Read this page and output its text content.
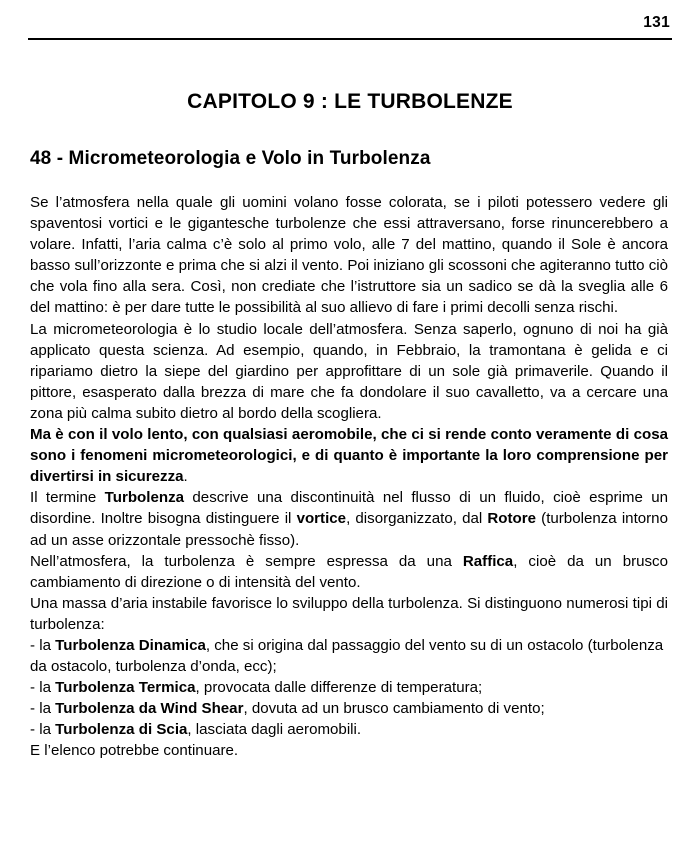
131
CAPITOLO 9 : LE TURBOLENZE
48 - Micrometeorologia e Volo in Turbolenza

Se l’atmosfera nella quale gli uomini volano fosse colorata, se i piloti potessero vedere gli spaventosi vortici e le gigantesche turbolenze che essi attraversano, forse rinuncerebbero a volare. Infatti, l’aria calma c’è solo al primo volo, alle 7 del mattino, quando il Sole è ancora basso sull’orizzonte e prima che si alzi il vento. Poi iniziano gli scossoni che agiteranno tutto ciò che vola fino alla sera. Così, non crediate che l’istruttore sia un sadico se dà la sveglia alle 6 del mattino: è per dare tutte le possibilità al suo allievo di fare i primi decolli senza rischi.

La micrometeorologia è lo studio locale dell’atmosfera. Senza saperlo, ognuno di noi ha già applicato questa scienza. Ad esempio, quando, in Febbraio, la tramontana è gelida e ci ripariamo dietro la siepe del giardino per approfittare di un sole già primaverile. Quando il pittore, esasperato dalla brezza di mare che fa dondolare il suo cavalletto, va a cercare una zona più calma subito dietro al bordo della scogliera.

Ma è con il volo lento, con qualsiasi aeromobile, che ci si rende conto veramente di cosa sono i fenomeni micrometeorologici, e di quanto è importante la loro comprensione per divertirsi in sicurezza.

Il termine Turbolenza descrive una discontinuità nel flusso di un fluido, cioè esprime un disordine. Inoltre bisogna distinguere il vortice, disorganizzato, dal Rotore (turbolenza intorno ad un asse orizzontale pressochè fisso).

Nell’atmosfera, la turbolenza è sempre espressa da una Raffica, cioè da un brusco cambiamento di direzione o di intensità del vento.

Una massa d’aria instabile favorisce lo sviluppo della turbolenza. Si distinguono numerosi tipi di turbolenza:

- la Turbolenza Dinamica, che si origina dal passaggio del vento su di un ostacolo (turbolenza da ostacolo, turbolenza d’onda, ecc);

- la Turbolenza Termica, provocata dalle differenze di temperatura;

- la Turbolenza da Wind Shear, dovuta ad un brusco cambiamento di vento;

- la Turbolenza di Scia, lasciata dagli aeromobili.

E l’elenco potrebbe continuare.
